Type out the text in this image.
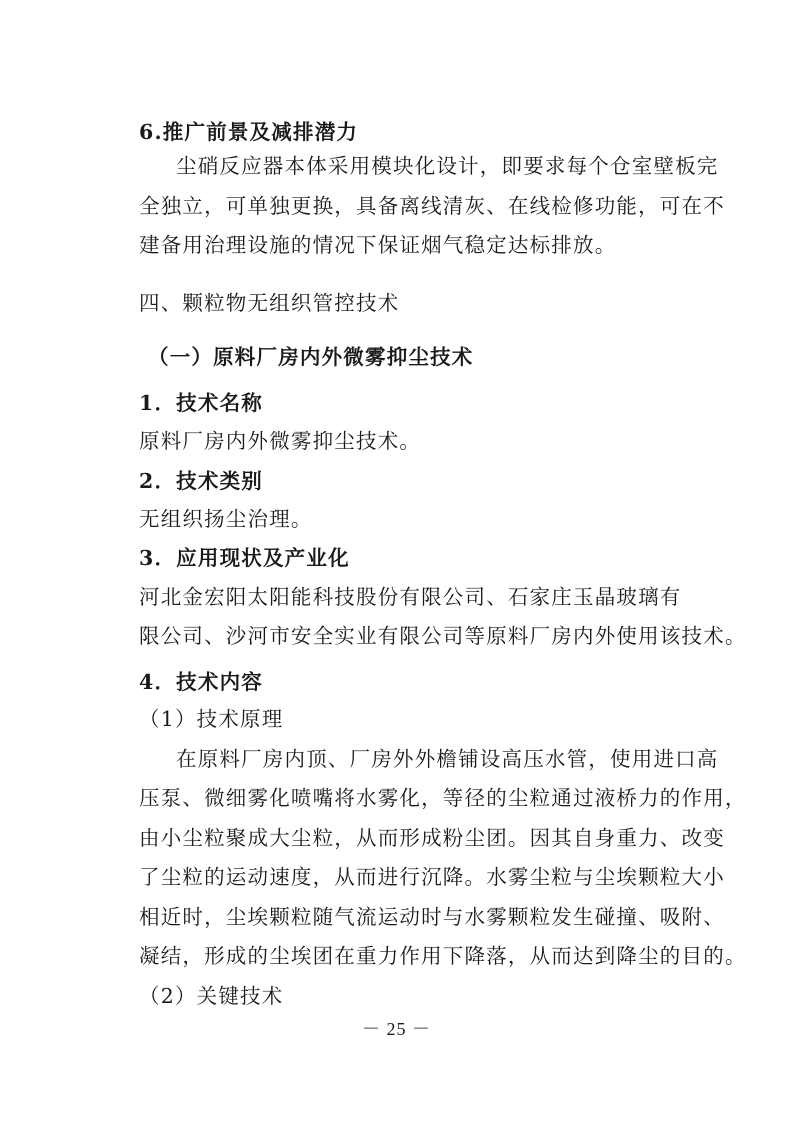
6.推广前景及减排潜力
尘硝反应器本体采用模块化设计，即要求每个仓室壁板完
全独立，可单独更换，具备离线清灰、在线检修功能，可在不
建备用治理设施的情况下保证烟气稳定达标排放。
四、颗粒物无组织管控技术
（一）原料厂房内外微雾抑尘技术
1．技术名称
原料厂房内外微雾抑尘技术。
2．技术类别
无组织扬尘治理。
3．应用现状及产业化
河北金宏阳太阳能科技股份有限公司、石家庄玉晶玻璃有
限公司、沙河市安全实业有限公司等原料厂房内外使用该技术。
4．技术内容
（1）技术原理
在原料厂房内顶、厂房外外檐铺设高压水管，使用进口高
压泵、微细雾化喷嘴将水雾化，等径的尘粒通过液桥力的作用，
由小尘粒聚成大尘粒，从而形成粉尘团。因其自身重力、改变
了尘粒的运动速度，从而进行沉降。水雾尘粒与尘埃颗粒大小
相近时，尘埃颗粒随气流运动时与水雾颗粒发生碰撞、吸附、
凝结，形成的尘埃团在重力作用下降落，从而达到降尘的目的。
（2）关键技术
－ 25 －
